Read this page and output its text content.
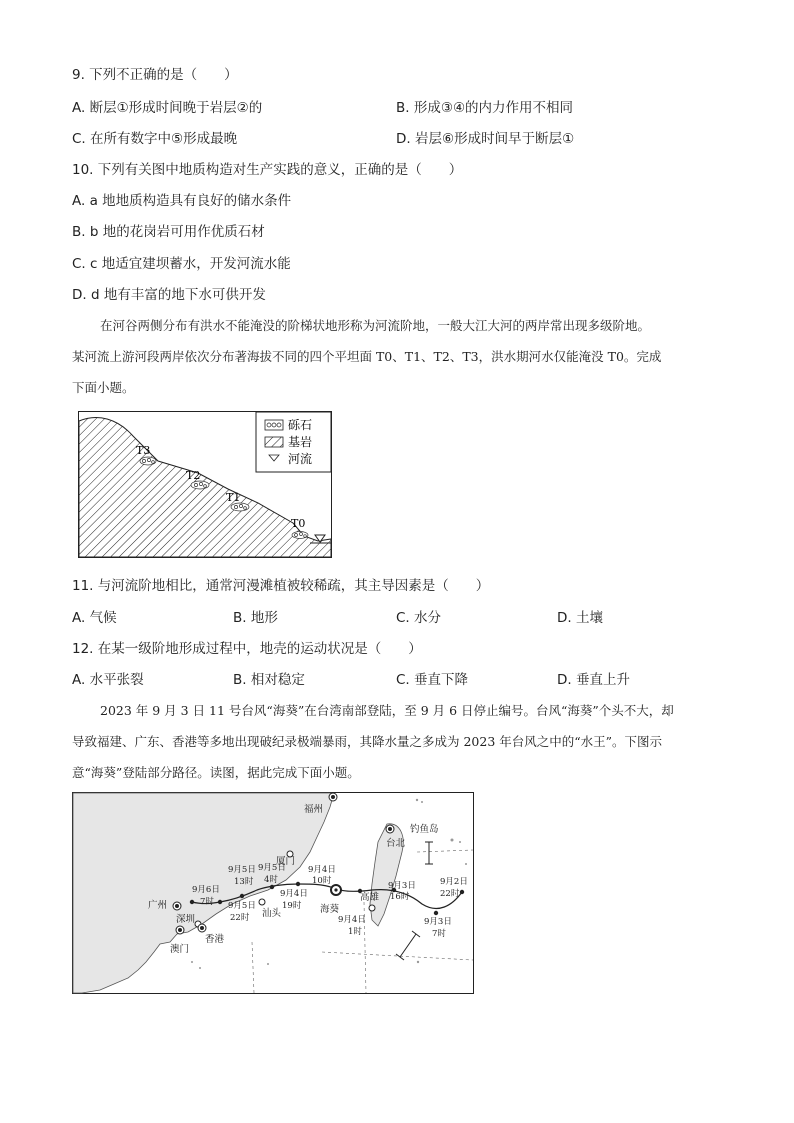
9. 下列不正确的是（　　）
A. 断层①形成时间晚于岩层②的	B. 形成③④的内力作用不相同
C. 在所有数字中⑤形成最晚	D. 岩层⑥形成时间早于断层①
10. 下列有关图中地质构造对生产实践的意义，正确的是（　　）
A. a 地地质构造具有良好的储水条件
B. b 地的花岗岩可用作优质石材
C. c 地适宜建坝蓄水，开发河流水能
D. d 地有丰富的地下水可供开发

在河谷两侧分布有洪水不能淹没的阶梯状地形称为河流阶地，一般大江大河的两岸常出现多级阶地。

某河流上游河段两岸依次分布著海拔不同的四个平坦面 T0、T1、T2、T3，洪水期河水仅能淹没 T0。完成

下面小题。

T3
T2
T1
T0
砾石
基岩
河流
11. 与河流阶地相比，通常河漫滩植被较稀疏，其主导因素是（　　）
A. 气候	B. 地形	C. 水分	D. 土壤
12. 在某一级阶地形成过程中，地壳的运动状况是（　　）
A. 水平张裂	B. 相对稳定	C. 垂直下降	D. 垂直上升

2023 年 9 月 3 日 11 号台风“海葵”在台湾南部登陆，至 9 月 6 日停止编号。台风“海葵”个头不大，却

导致福建、广东、香港等多地出现破纪录极端暴雨，其降水量之多成为 2023 年台风之中的“水王”。下图示

意“海葵”登陆部分路径。读图，据此完成下面小题。

福州
钓鱼岛
台北
厦门
广州
深圳
香港
澳门
汕头	海葵
高雄
9月2日
22时
9月3日
7时
9月3日
16时
9月4日
1时
9月4日
10时
9月4日
19时
9月5日
4时
9月5日
13时
9月5日
22时
9月6日
7时
